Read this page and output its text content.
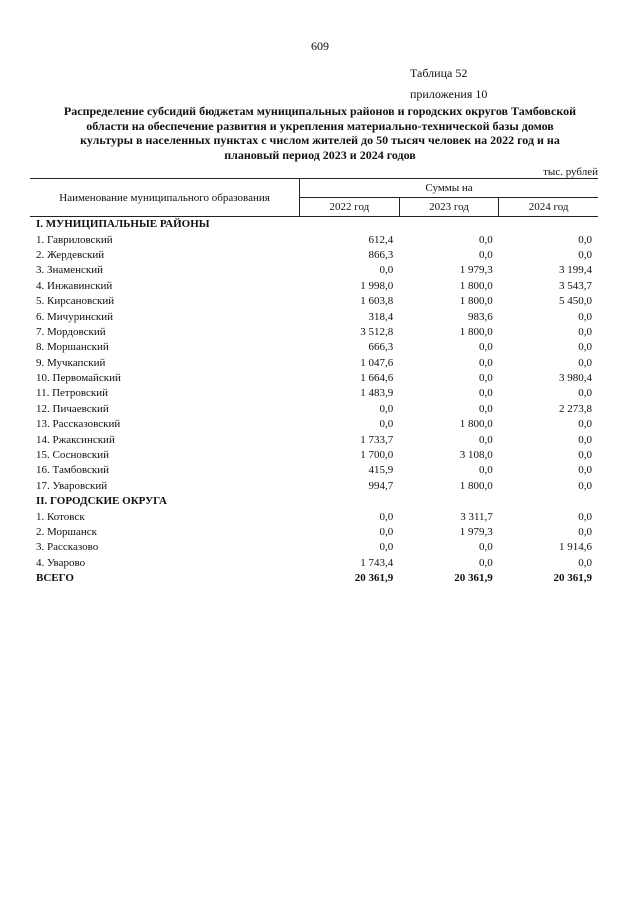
609
Таблица 52
приложения 10
Распределение субсидий бюджетам муниципальных районов и городских округов Тамбовской области на обеспечение развития и укрепления материально-технической базы домов культуры в населенных пунктах с числом жителей до 50 тысяч человек на 2022 год и на плановый период 2023 и 2024 годов
тыс. рублей
Наименование муниципального образования	Суммы на		
	2022 год	2023 год	2024 год
I. МУНИЦИПАЛЬНЫЕ РАЙОНЫ			
1. Гавриловский	612,4	0,0	0,0
2. Жердевский	866,3	0,0	0,0
3. Знаменский	0,0	1 979,3	3 199,4
4. Инжавинский	1 998,0	1 800,0	3 543,7
5. Кирсановский	1 603,8	1 800,0	5 450,0
6. Мичуринский	318,4	983,6	0,0
7. Мордовский	3 512,8	1 800,0	0,0
8. Моршанский	666,3	0,0	0,0
9. Мучкапский	1 047,6	0,0	0,0
10. Первомайский	1 664,6	0,0	3 980,4
11. Петровский	1 483,9	0,0	0,0
12. Пичаевский	0,0	0,0	2 273,8
13. Рассказовский	0,0	1 800,0	0,0
14. Ржаксинский	1 733,7	0,0	0,0
15. Сосновский	1 700,0	3 108,0	0,0
16. Тамбовский	415,9	0,0	0,0
17. Уваровский	994,7	1 800,0	0,0
II. ГОРОДСКИЕ ОКРУГА			
1. Котовск	0,0	3 311,7	0,0
2. Моршанск	0,0	1 979,3	0,0
3. Рассказово	0,0	0,0	1 914,6
4. Уварово	1 743,4	0,0	0,0
ВСЕГО	20 361,9	20 361,9	20 361,9
